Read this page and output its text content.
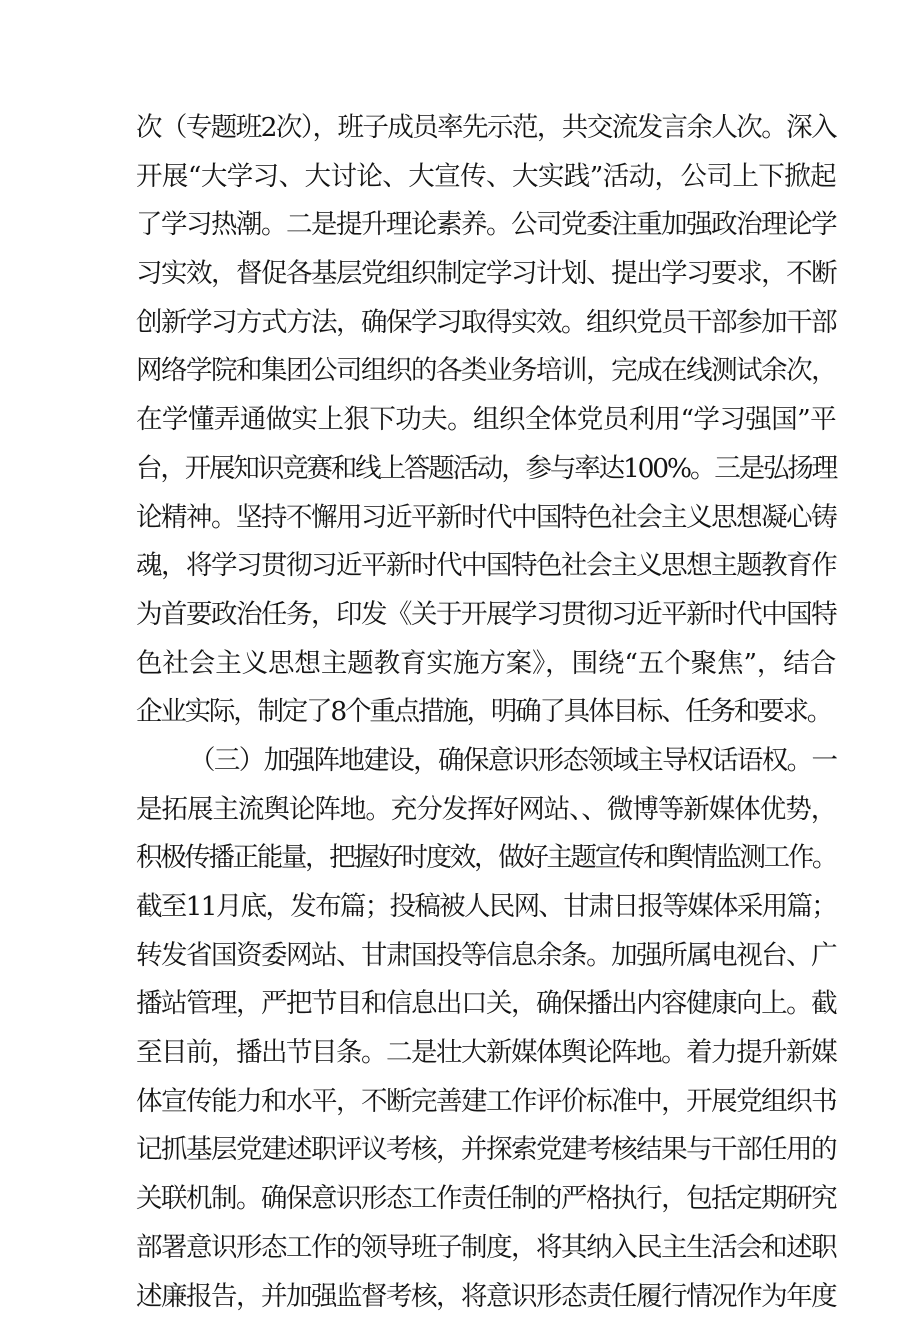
次（专题班2次），班子成员率先示范，共交流发言余人次。深入
开展“大学习、大讨论、大宣传、大实践”活动，公司上下掀起
了学习热潮。二是提升理论素养。公司党委注重加强政治理论学
习实效，督促各基层党组织制定学习计划、提出学习要求，不断
创新学习方式方法，确保学习取得实效。组织党员干部参加干部
网络学院和集团公司组织的各类业务培训，完成在线测试余次，
在学懂弄通做实上狠下功夫。组织全体党员利用“学习强国”平
台，开展知识竞赛和线上答题活动，参与率达100%。三是弘扬理
论精神。坚持不懈用习近平新时代中国特色社会主义思想凝心铸
魂，将学习贯彻习近平新时代中国特色社会主义思想主题教育作
为首要政治任务，印发《关于开展学习贯彻习近平新时代中国特
色社会主义思想主题教育实施方案》，围绕“五个聚焦”，结合
企业实际，制定了8个重点措施，明确了具体目标、任务和要求。
（三）加强阵地建设，确保意识形态领域主导权话语权。一
是拓展主流舆论阵地。充分发挥好网站、、微博等新媒体优势，
积极传播正能量，把握好时度效，做好主题宣传和舆情监测工作。
截至11月底，发布篇；投稿被人民网、甘肃日报等媒体采用篇；
转发省国资委网站、甘肃国投等信息余条。加强所属电视台、广
播站管理，严把节目和信息出口关，确保播出内容健康向上。截
至目前，播出节目条。二是壮大新媒体舆论阵地。着力提升新媒
体宣传能力和水平，不断完善建工作评价标准中，开展党组织书
记抓基层党建述职评议考核，并探索党建考核结果与干部任用的
关联机制。确保意识形态工作责任制的严格执行，包括定期研究
部署意识形态工作的领导班子制度，将其纳入民主生活会和述职
述廉报告，并加强监督考核，将意识形态责任履行情况作为年度
